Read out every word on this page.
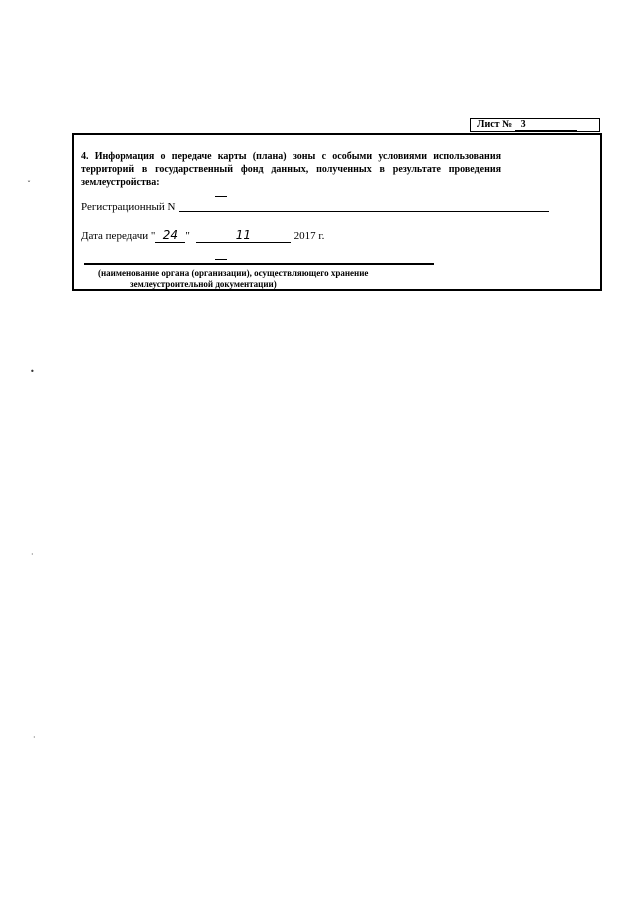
Лист № 3
4. Информация о передаче карты (плана) зоны с особыми условиями использования территорий в государственный фонд данных, полученных в результате проведения землеустройства:
Регистрационный N
Дата передачи " 24 "	11	2017 г.
(наименование органа (организации), осуществляющего хранение
землеустроительной документации)
ˇ
•
·
·
